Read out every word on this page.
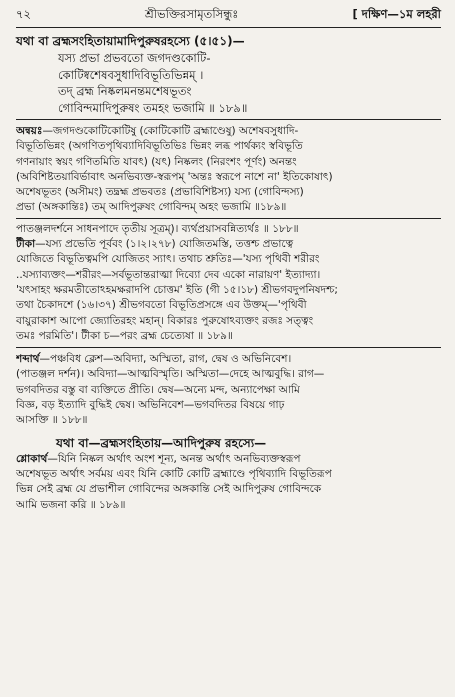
৭২	শ্রীভক্তিরসামৃতসিন্ধুঃ	[ দক্ষিণ—১ম লহরী
যথা বা ব্রহ্মসংহিতায়ামাদিপুরুষরহস্যে (৫।৫১)—
যস্য প্রভা প্রভবতো জগদণ্ডকোটি-
কোটিষ্বশেষবসুধাদিবিভূতিভিন্নম্ ।
তদ্ ব্রহ্ম নিষ্কলমনন্তমশেষভূতং
গোবিন্দমাদিপুরুষং তমহং ভজামি ॥ ১৮৯॥
অন্বয়ঃ—জগদণ্ডকোটিকোটিষু (কোটিকোটি ব্রহ্মাণ্ডেষু) অশেষবসুধাদি-
বিভূতিভিন্নং (অগণিতপৃথিব্যাদিবিভূতিভিঃ ভিন্নং লব্ধ পার্থক্যং স্ববিভূতি
গণনায়াং স্বয়ং গণিতমিতি যাবৎ) (যৎ) নিষ্কলং (নিরংশং পূর্ণং) অনন্তং
(অবিশিষ্টতয়াবির্ভাবাৎ অনভিব্যক্ত-স্বরূপম্ 'অন্তঃ স্বরূপে নাশে না' ইতিকোষাৎ)
অশেষভূতং (অসীমং) তদ্ব্রহ্ম প্রভবতঃ (প্রভাবিশিষ্টস্য) যস্য (গোবিন্দস্য)
প্রভা (অঙ্গকান্তিঃ) তম্ আদিপুরুষং গোবিন্দম্ অহং ভজামি ॥১৮৯॥
পাতঞ্জলদর্শনে সাধনপাদে তৃতীয় সূত্রম্)। ব্যর্থপ্রয়াসবন্নিত্যর্থঃ ॥ ১৮৮॥
টীকা—যস্য প্রভেতি পূর্ববং (১।২।২৭৮) যোজিতমস্তি, তত্তশ্চ প্রভাত্বে
যোজিতে বিভূতিত্বমপি যোজিতং স্যাৎ। তথাচ শ্রুতিঃ—'যস্য পৃথিবী শরীরং
..যস্যাব্যক্তং—শরীরং—সর্বভূতান্তরাত্মা দিব্যো দেব একো নারায়ণ' ইত্যাদ্যা।
'যৎসাহং ক্ষরমতীতোঽহমক্ষরাদপি চোত্তম' ইতি (গী ১৫।১৮) শ্রীভগবদুপনিষদশ্চ;
তথা চৈকাদশে (১৬।৩৭) শ্রীভগবতো বিভূতিপ্রসঙ্গে এব উক্তম্—'পৃথিবী
বায়ুরাকাশ আপো জ্যোতিরহং মহান্। বিকারঃ পুরুষোঽব্যক্তং রজঃ সত্ত্বং
তমঃ পরমিতি'। টীকা চ—পরং ব্রহ্ম চেত্যেষা ॥ ১৮৯॥
শব্দার্থ—পঞ্চবিধ ক্লেশ—অবিদ্যা, অস্মিতা, রাগ, দ্বেষ ও অভিনিবেশ।
(পাতঞ্জল দর্শন)। অবিদ্যা—আত্মবিস্মৃতি। অস্মিতা—দেহে আত্মবুদ্ধি। রাগ—
ভগবদিতর বস্তু বা ব্যক্তিতে প্রীতি। দ্বেষ—অন্যে মন্দ, অন্যাপেক্ষা আমি
বিজ্ঞ, বড় ইত্যাদি বুদ্ধিই দ্বেষ। অভিনিবেশ—ভগবদিতর বিষয়ে গাঢ়
আসক্তি ॥ ১৮৮॥
যথা বা—ব্রহ্মসংহিতায়—আদিপুরুষ রহস্যে—
শ্লোকার্থ—যিনি নিষ্কল অর্থাৎ অংশ শূন্য, অনন্ত অর্থাৎ অনভিব্যক্তস্বরূপ
অশেষভূত অর্থাৎ সর্বময় এবং যিনি কোটি কোটি ব্রহ্মাণ্ডে পৃথিব্যাদি বিভূতিরূপ
ভিন্ন সেই ব্রহ্ম যে প্রভাশীল গোবিন্দের অঙ্গকান্তি সেই আদিপুরুষ গোবিন্দকে
আমি ভজনা করি ॥ ১৮৯॥
